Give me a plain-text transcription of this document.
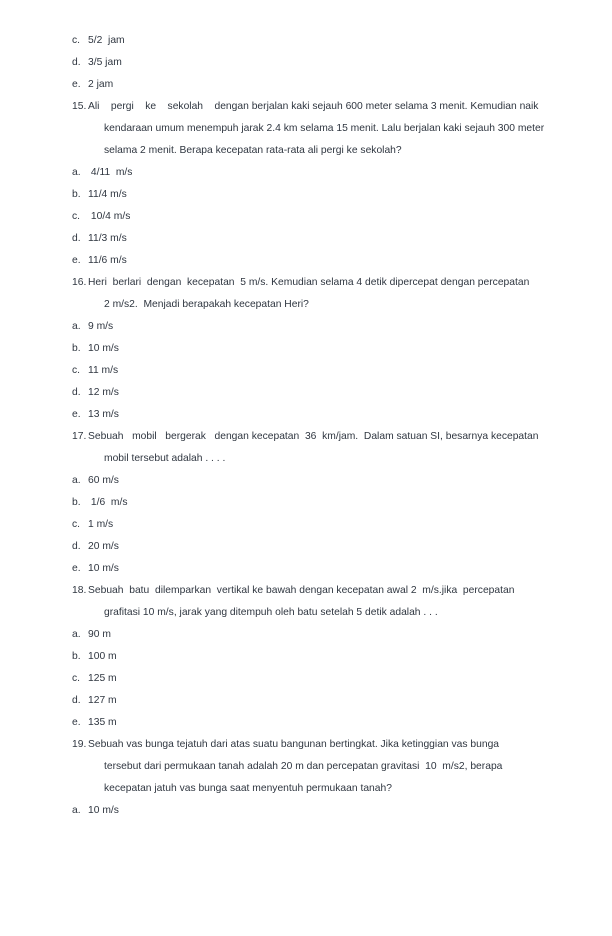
c. 5/2  jam
d. 3/5 jam
e. 2 jam
15. Ali    pergi    ke    sekolah    dengan berjalan kaki sejauh 600 meter selama 3 menit. Kemudian naik
kendaraan umum menempuh jarak 2.4 km selama 15 menit. Lalu berjalan kaki sejauh 300 meter
selama 2 menit. Berapa kecepatan rata-rata ali pergi ke sekolah?
a. 4/11  m/s
b. 11/4 m/s
c. 10/4 m/s
d. 11/3 m/s
e. 11/6 m/s
16. Heri  berlari  dengan  kecepatan  5 m/s. Kemudian selama 4 detik dipercepat dengan percepatan
2 m/s2.  Menjadi berapakah kecepatan Heri?
a. 9 m/s
b. 10 m/s
c. 11 m/s
d. 12 m/s
e. 13 m/s
17. Sebuah   mobil   bergerak   dengan kecepatan  36  km/jam.  Dalam satuan SI, besarnya kecepatan
mobil tersebut adalah . . . .
a. 60 m/s
b. 1/6  m/s
c. 1 m/s
d. 20 m/s
e. 10 m/s
18. Sebuah  batu  dilemparkan  vertikal ke bawah dengan kecepatan awal 2  m/s.jika  percepatan
grafitasi 10 m/s, jarak yang ditempuh oleh batu setelah 5 detik adalah . . .
a. 90 m
b. 100 m
c. 125 m
d. 127 m
e. 135 m
19. Sebuah vas bunga tejatuh dari atas suatu bangunan bertingkat. Jika ketinggian vas bunga
tersebut dari permukaan tanah adalah 20 m dan percepatan gravitasi  10  m/s2, berapa
kecepatan jatuh vas bunga saat menyentuh permukaan tanah?
a. 10 m/s
